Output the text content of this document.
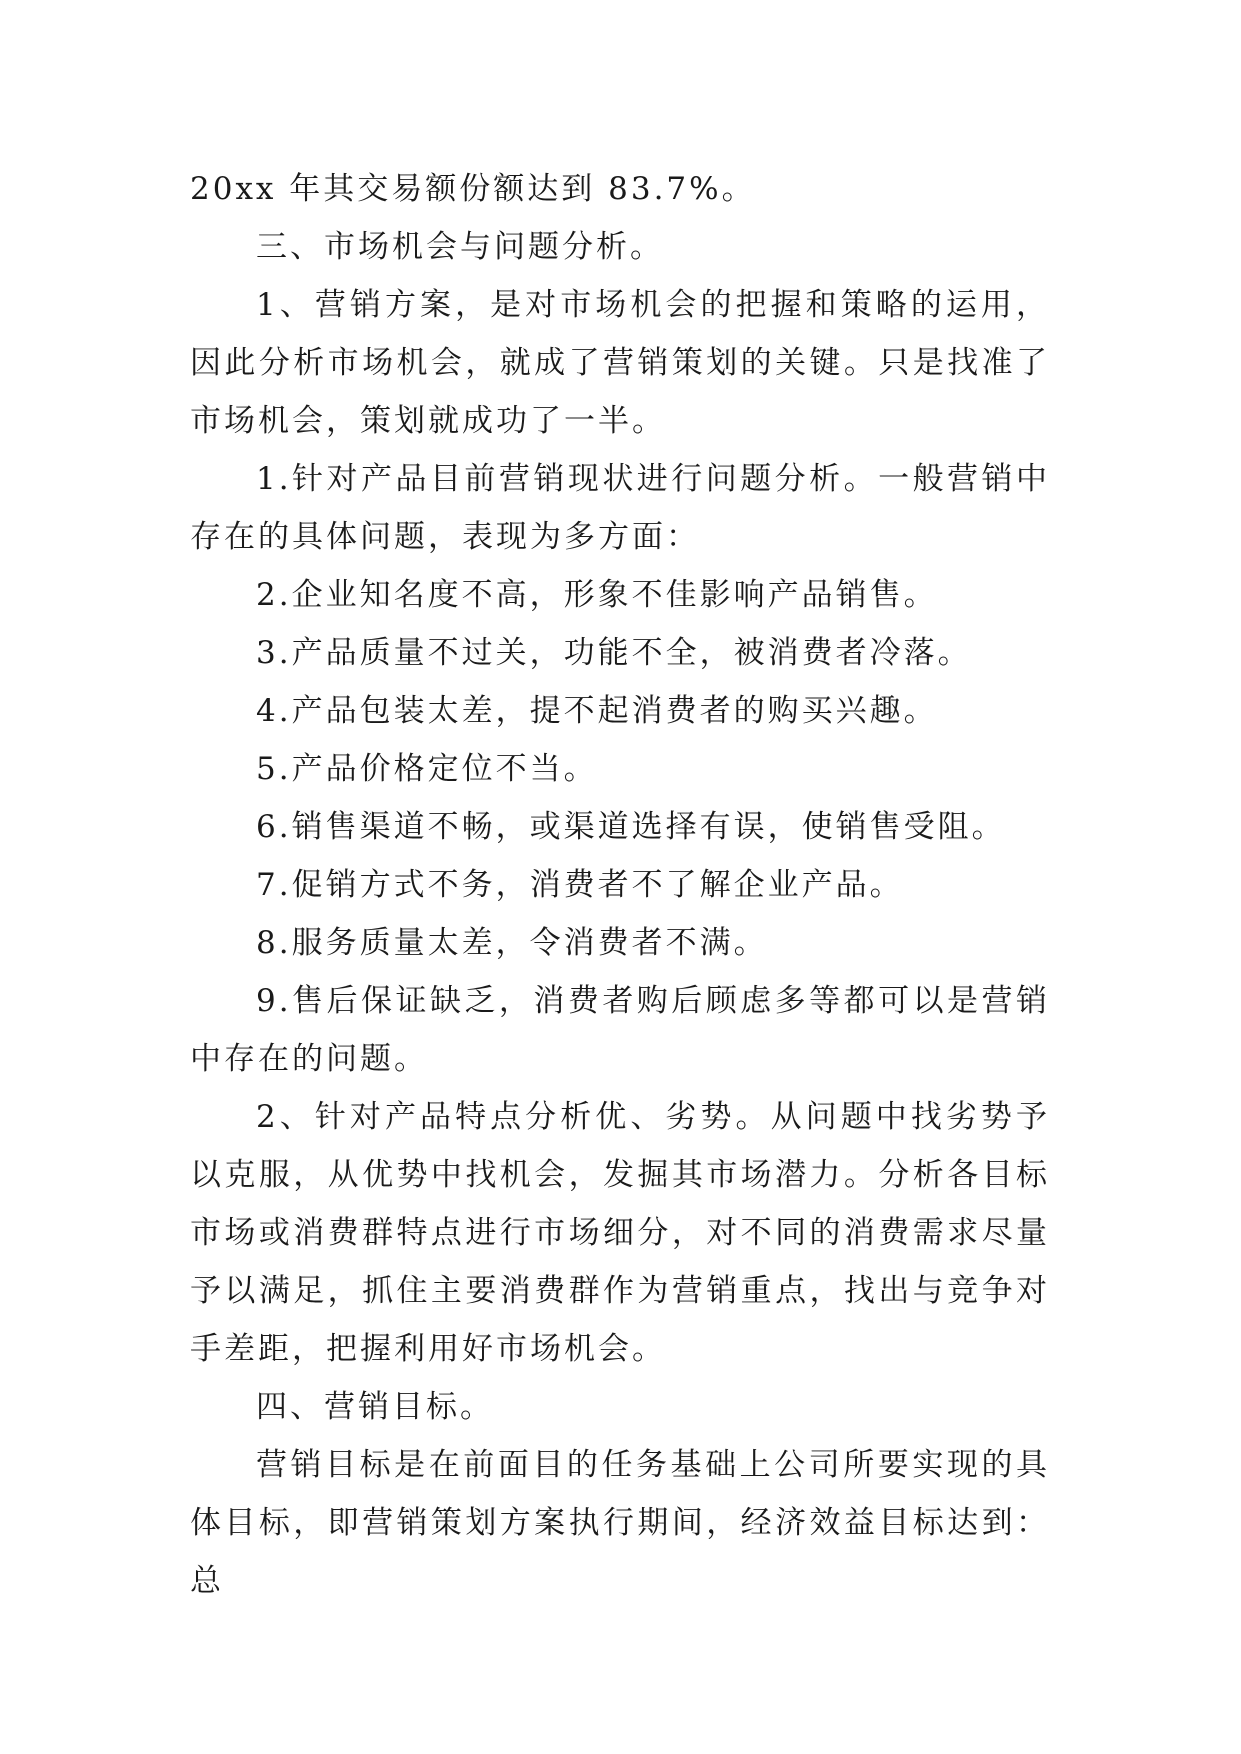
20xx 年其交易额份额达到 83.7%。

三、市场机会与问题分析。

1、营销方案，是对市场机会的把握和策略的运用，因此分析市场机会，就成了营销策划的关键。只是找准了市场机会，策划就成功了一半。

1.针对产品目前营销现状进行问题分析。一般营销中存在的具体问题，表现为多方面：

2.企业知名度不高，形象不佳影响产品销售。

3.产品质量不过关，功能不全，被消费者冷落。

4.产品包装太差，提不起消费者的购买兴趣。

5.产品价格定位不当。

6.销售渠道不畅，或渠道选择有误，使销售受阻。

7.促销方式不务，消费者不了解企业产品。

8.服务质量太差，令消费者不满。

9.售后保证缺乏，消费者购后顾虑多等都可以是营销中存在的问题。

2、针对产品特点分析优、劣势。从问题中找劣势予以克服，从优势中找机会，发掘其市场潜力。分析各目标市场或消费群特点进行市场细分，对不同的消费需求尽量予以满足，抓住主要消费群作为营销重点，找出与竞争对手差距，把握利用好市场机会。

四、营销目标。

营销目标是在前面目的任务基础上公司所要实现的具体目标，即营销策划方案执行期间，经济效益目标达到：总
